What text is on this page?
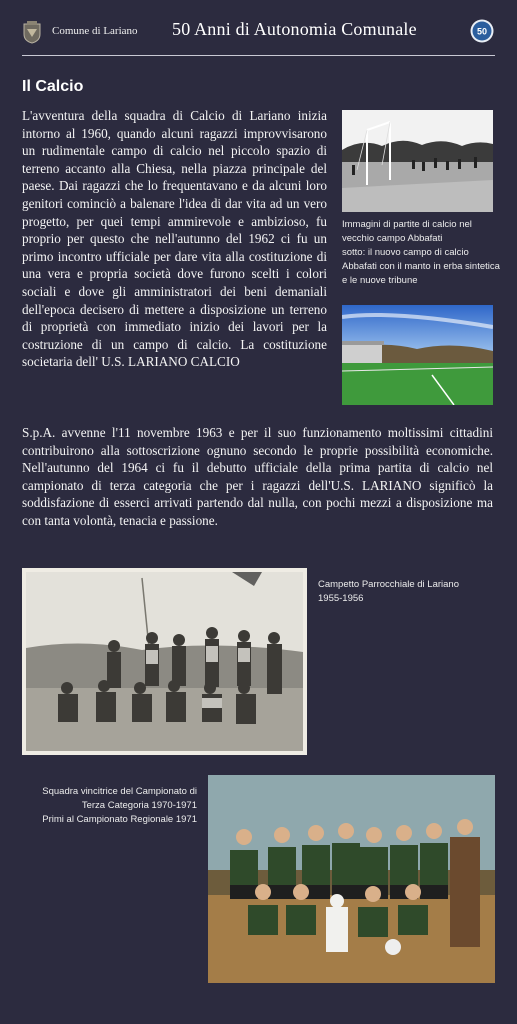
Comune di Lariano 50 Anni di Autonomia Comunale	50
Il Calcio

L'avventura della squadra di Calcio di Lariano inizia intorno al 1960, quando alcuni ragazzi improvvisarono un rudimentale campo di calcio nel piccolo spazio di terreno accanto alla Chiesa, nella piazza principale del paese. Dai ragazzi che lo frequentavano e da alcuni loro genitori cominciò a balenare l'idea di dar vita ad un vero progetto, per quei tempi ammirevole e ambizioso, fu proprio per questo che nell'autunno del 1962 ci fu un primo incontro ufficiale per dare vita alla costituzione di una vera e propria società dove furono scelti i colori sociali e dove gli amministratori dei beni demaniali dell'epoca decisero di mettere a disposizione un terreno di proprietà con immediato inizio dei lavori per la costruzione di un campo di calcio. La costituzione societaria dell' U.S. LARIANO CALCIO

S.p.A. avvenne l'11 novembre 1963 e per il suo funzionamento moltissimi cittadini contribuirono alla sottoscrizione ognuno secondo le proprie possibilità economiche. Nell'autunno del 1964 ci fu il debutto ufficiale della prima partita di calcio nel campionato di terza categoria che per i ragazzi dell'U.S. LARIANO significò la soddisfazione di esserci arrivati partendo dal nulla, con pochi mezzi a disposizione ma con tanta volontà, tenacia e passione.

Immagini di partite di calcio nel
vecchio campo Abbafati
sotto: il nuovo campo di calcio
Abbafati con il manto in erba sintetica
e le nuove tribune

Campetto Parrocchiale di Lariano
1955-1956

Squadra vincitrice del Campionato di
Terza Categoria 1970-1971
Primi al Campionato Regionale 1971
